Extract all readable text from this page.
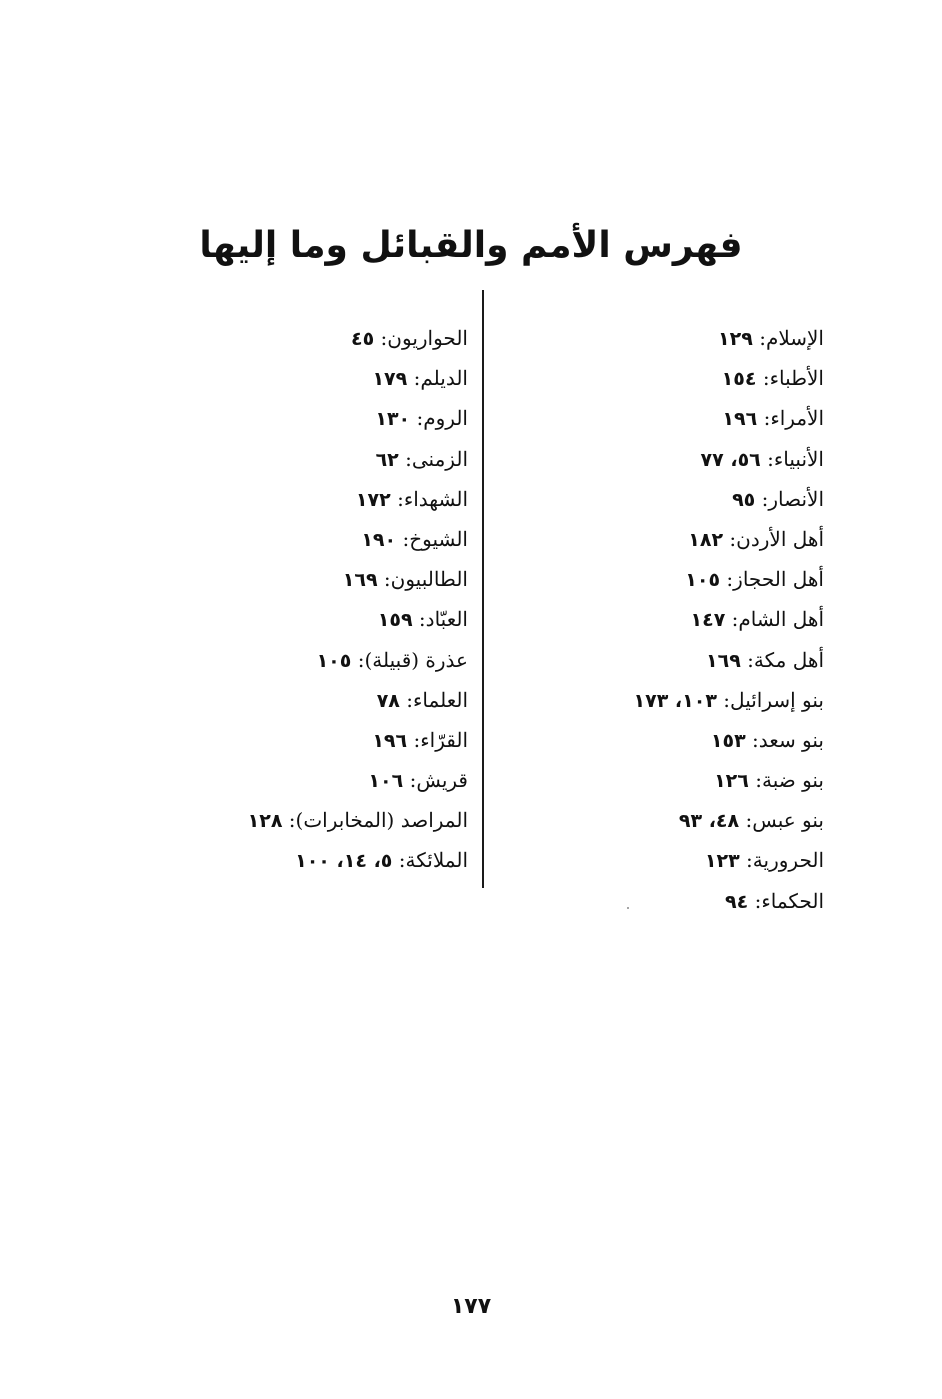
فهرس الأمم والقبائل وما إليها
الإسلام: ١٢٩
الأطباء: ١٥٤
الأمراء: ١٩٦
الأنبياء: ٥٦، ٧٧
الأنصار: ٩٥
أهل الأردن: ١٨٢
أهل الحجاز: ١٠٥
أهل الشام: ١٤٧
أهل مكة: ١٦٩
بنو إسرائيل: ١٠٣، ١٧٣
بنو سعد: ١٥٣
بنو ضبة: ١٢٦
بنو عبس: ٤٨، ٩٣
الحرورية: ١٢٣
الحكماء: ٩٤
الحواريون: ٤٥
الديلم: ١٧٩
الروم: ١٣٠
الزمنى: ٦٢
الشهداء: ١٧٢
الشيوخ: ١٩٠
الطالبيون: ١٦٩
العبّاد: ١٥٩
عذرة (قبيلة): ١٠٥
العلماء: ٧٨
القرّاء: ١٩٦
قريش: ١٠٦
المراصد (المخابرات): ١٢٨
الملائكة: ٥، ١٤، ١٠٠
١٧٧
